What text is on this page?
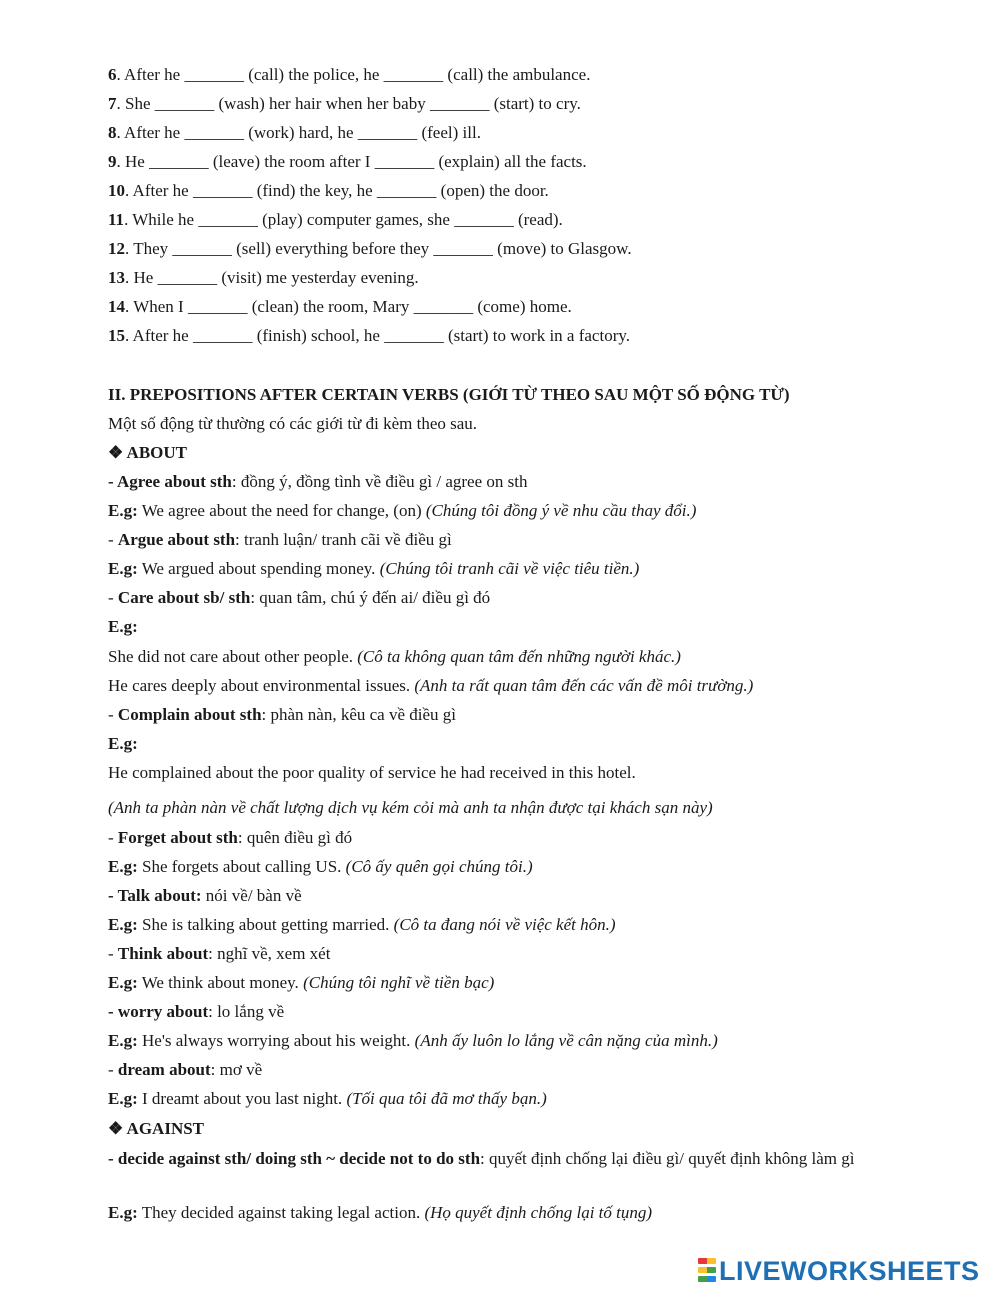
6. After he _______ (call) the police, he _______ (call) the ambulance.
7. She _______ (wash) her hair when her baby _______ (start) to cry.
8. After he _______ (work) hard, he _______ (feel) ill.
9. He _______ (leave) the room after I _______ (explain) all the facts.
10. After he _______ (find) the key, he _______ (open) the door.
11. While he _______ (play) computer games, she _______ (read).
12. They _______ (sell) everything before they _______ (move) to Glasgow.
13. He _______ (visit) me yesterday evening.
14. When I _______ (clean) the room, Mary _______ (come) home.
15. After he _______ (finish) school, he _______ (start) to work in a factory.
II. PREPOSITIONS AFTER CERTAIN VERBS (GIỚI TỪ THEO SAU MỘT SỐ ĐỘNG TỪ)
Một số động từ thường có các giới từ đi kèm theo sau.
❖ ABOUT
- Agree about sth: đồng ý, đồng tình về điều gì / agree on sth
E.g: We agree about the need for change, (on) (Chúng tôi đồng ý về nhu cầu thay đổi.)
- Argue about sth: tranh luận/ tranh cãi về điều gì
E.g: We argued about spending money. (Chúng tôi tranh cãi về việc tiêu tiền.)
- Care about sb/ sth: quan tâm, chú ý đến ai/ điều gì đó
E.g:
She did not care about other people. (Cô ta không quan tâm đến những người khác.)
He cares deeply about environmental issues. (Anh ta rất quan tâm đến các vấn đề môi trường.)
- Complain about sth: phàn nàn, kêu ca về điều gì
E.g:
He complained about the poor quality of service he had received in this hotel.
(Anh ta phàn nàn về chất lượng dịch vụ kém cỏi mà anh ta nhận được tại khách sạn này)
- Forget about sth: quên điều gì đó
E.g: She forgets about calling US. (Cô ấy quên gọi chúng tôi.)
- Talk about: nói về/ bàn về
E.g: She is talking about getting married. (Cô ta đang nói về việc kết hôn.)
- Think about: nghĩ về, xem xét
E.g: We think about money. (Chúng tôi nghĩ về tiền bạc)
- worry about: lo lắng về
E.g: He's always worrying about his weight. (Anh ấy luôn lo lắng về cân nặng của mình.)
- dream about: mơ về
E.g: I dreamt about you last night. (Tối qua tôi đã mơ thấy bạn.)
❖ AGAINST
- decide against sth/ doing sth ~ decide not to do sth: quyết định chống lại điều gì/ quyết định không làm gì
E.g: They decided against taking legal action. (Họ quyết định chống lại tố tụng)
LIVEWORKSHEETS
